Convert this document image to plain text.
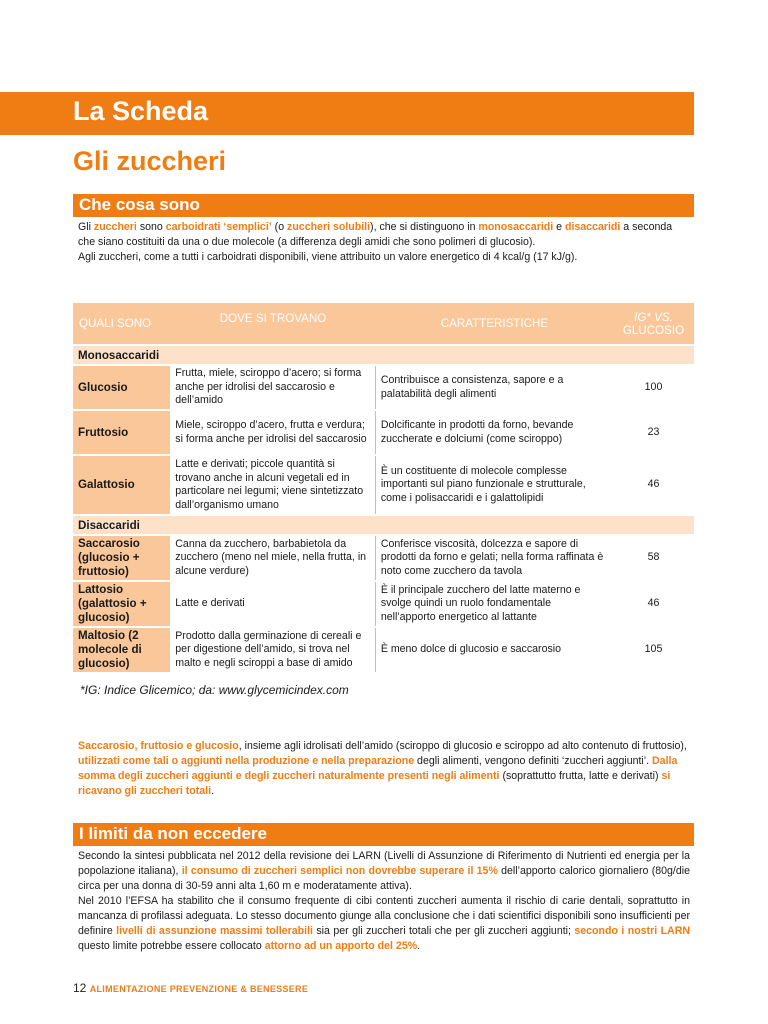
La Scheda
Gli zuccheri
Che cosa sono
Gli zuccheri sono carboidrati ‘semplici’ (o zuccheri solubili), che si distinguono in monosaccaridi e disaccaridi a seconda che siano costituiti da una o due molecole (a differenza degli amidi che sono polimeri di glucosio).
Agli zuccheri, come a tutti i carboidrati disponibili, viene attribuito un valore energetico di 4 kcal/g (17 kJ/g).
QUALI SONO	DOVE SI TROVANO	CARATTERISTICHE	IG* VS.
GLUCOSIO
Monosaccaridi			
Glucosio	Frutta, miele, sciroppo d’acero; si forma anche per idrolisi del saccarosio e dell’amido	Contribuisce a consistenza, sapore e a palatabilità degli alimenti	100
Fruttosio	Miele, sciroppo d’acero, frutta e verdura; si forma anche per idrolisi del saccarosio	Dolcificante in prodotti da forno, bevande zuccherate e dolciumi (come sciroppo)	23
Galattosio	Latte e derivati; piccole quantità si trovano anche in alcuni vegetali ed in particolare nei legumi; viene sintetizzato dall’organismo umano	È un costituente di molecole complesse importanti sul piano funzionale e strutturale, come i polisaccaridi e i galattolipidi	46
Disaccaridi			
Saccarosio (glucosio + fruttosio)	Canna da zucchero, barbabietola da zucchero (meno nel miele, nella frutta, in alcune verdure)	Conferisce viscosità, dolcezza e sapore di prodotti da forno e gelati; nella forma raffinata è noto come zucchero da tavola	58
Lattosio (galattosio + glucosio)	Latte e derivati	È il principale zucchero del latte materno e svolge quindi un ruolo fondamentale nell’apporto energetico al lattante	46
Maltosio (2 molecole di glucosio)	Prodotto dalla germinazione di cereali e per digestione dell’amido, si trova nel malto e negli sciroppi a base di amido	È meno dolce di glucosio e saccarosio	105
*IG: Indice Glicemico; da: www.glycemicindex.com
Saccarosio, fruttosio e glucosio, insieme agli idrolisati dell’amido (sciroppo di glucosio e sciroppo ad alto contenuto di fruttosio), utilizzati come tali o aggiunti nella produzione e nella preparazione degli alimenti, vengono definiti ‘zuccheri aggiunti’. Dalla somma degli zuccheri aggiunti e degli zuccheri naturalmente presenti negli alimenti (soprattutto frutta, latte e derivati) si ricavano gli zuccheri totali.
I limiti da non eccedere
Secondo la sintesi pubblicata nel 2012 della revisione dei LARN (Livelli di Assunzione di Riferimento di Nutrienti ed energia per la popolazione italiana), il consumo di zuccheri semplici non dovrebbe superare il 15% dell’apporto calorico giornaliero (80g/die circa per una donna di 30-59 anni alta 1,60 m e moderatamente attiva).
Nel 2010 l’EFSA ha stabilito che il consumo frequente di cibi contenti zuccheri aumenta il rischio di carie dentali, soprattutto in mancanza di profilassi adeguata. Lo stesso documento giunge alla conclusione che i dati scientifici disponibili sono insufficienti per definire livelli di assunzione massimi tollerabili sia per gli zuccheri totali che per gli zuccheri aggiunti; secondo i nostri LARN questo limite potrebbe essere collocato attorno ad un apporto del 25%.
12 ALIMENTAZIONE PREVENZIONE & BENESSERE
